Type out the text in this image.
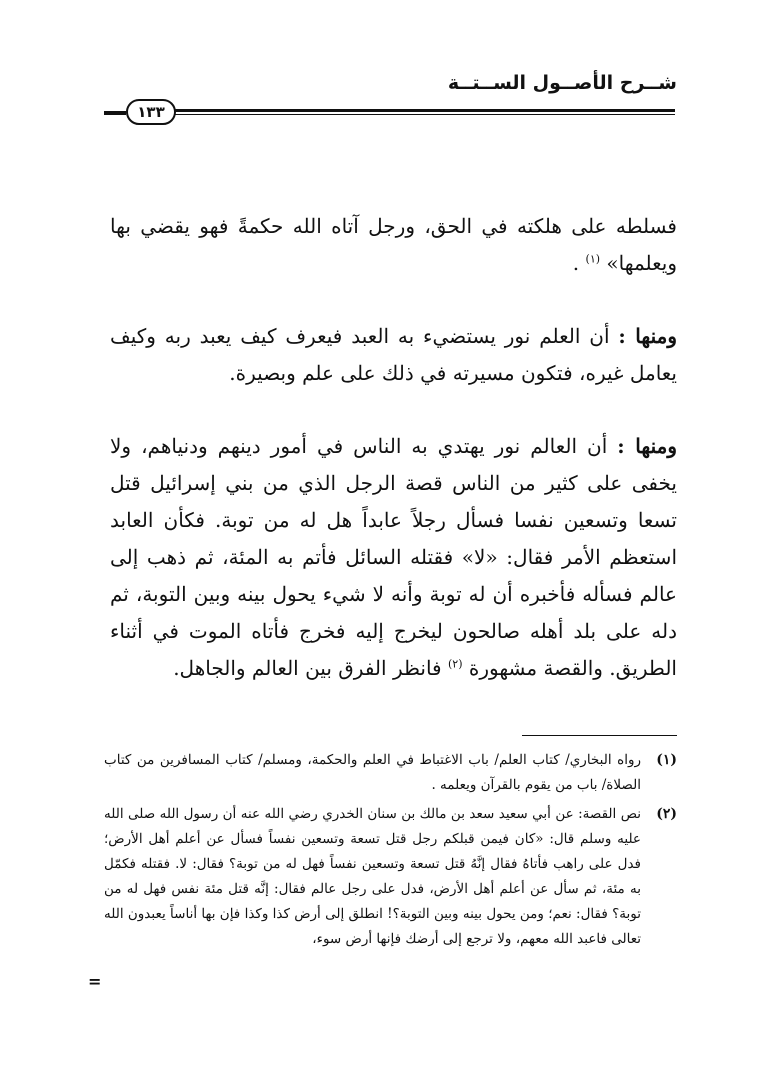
شــرح الأصــول الســتــة
١٣٣

فسلطه على هلكته في الحق، ورجل آتاه الله حكمةً فهو يقضي بها ويعلمها» $^{(١)}$ .

ومنها : أن العلم نور يستضيء به العبد فيعرف كيف يعبد ربه وكيف يعامل غيره، فتكون مسيرته في ذلك على علم وبصيرة.

ومنها : أن العالم نور يهتدي به الناس في أمور دينهم ودنياهم، ولا يخفى على كثير من الناس قصة الرجل الذي من بني إسرائيل قتل تسعا وتسعين نفسا فسأل رجلاً عابداً هل له من توبة. فكأن العابد استعظم الأمر فقال: «لا» فقتله السائل فأتم به المئة، ثم ذهب إلى عالم فسأله فأخبره أن له توبة وأنه لا شيء يحول بينه وبين التوبة، ثم دله على بلد أهله صالحون ليخرج إليه فخرج فأتاه الموت في أثناء الطريق. والقصة مشهورة $^{(٢)}$ فانظر الفرق بين العالم والجاهل.

(١)
رواه البخاري/ كتاب العلم/ باب الاغتباط في العلم والحكمة، ومسلم/ كتاب المسافرين من كتاب الصلاة/ باب من يقوم بالقرآن ويعلمه .
(٢)
نص القصة: عن أبي سعيد سعد بن مالك بن سنان الخدري رضي الله عنه أن رسول الله صلى الله عليه وسلم قال: «كان فيمن قبلكم رجل قتل تسعة وتسعين نفساً فسأل عن أعلم أهل الأرض؛ فدل على راهب فأتاهُ فقال إنَّهُ قتل تسعة وتسعين نفساً فهل له من توبة؟ فقال: لا. فقتله فكمّل به مئة، ثم سأل عن أعلم أهل الأرض، فدل على رجل عالم فقال: إنَّه قتل مئة نفس فهل له من توبة؟ فقال: نعم؛ ومن يحول بينه وبين التوبة؟! انطلق إلى أرض كذا وكذا فإن بها أناساً يعبدون الله تعالى فاعبد الله معهم، ولا ترجع إلى أرضك فإنها أرض سوء،
=
